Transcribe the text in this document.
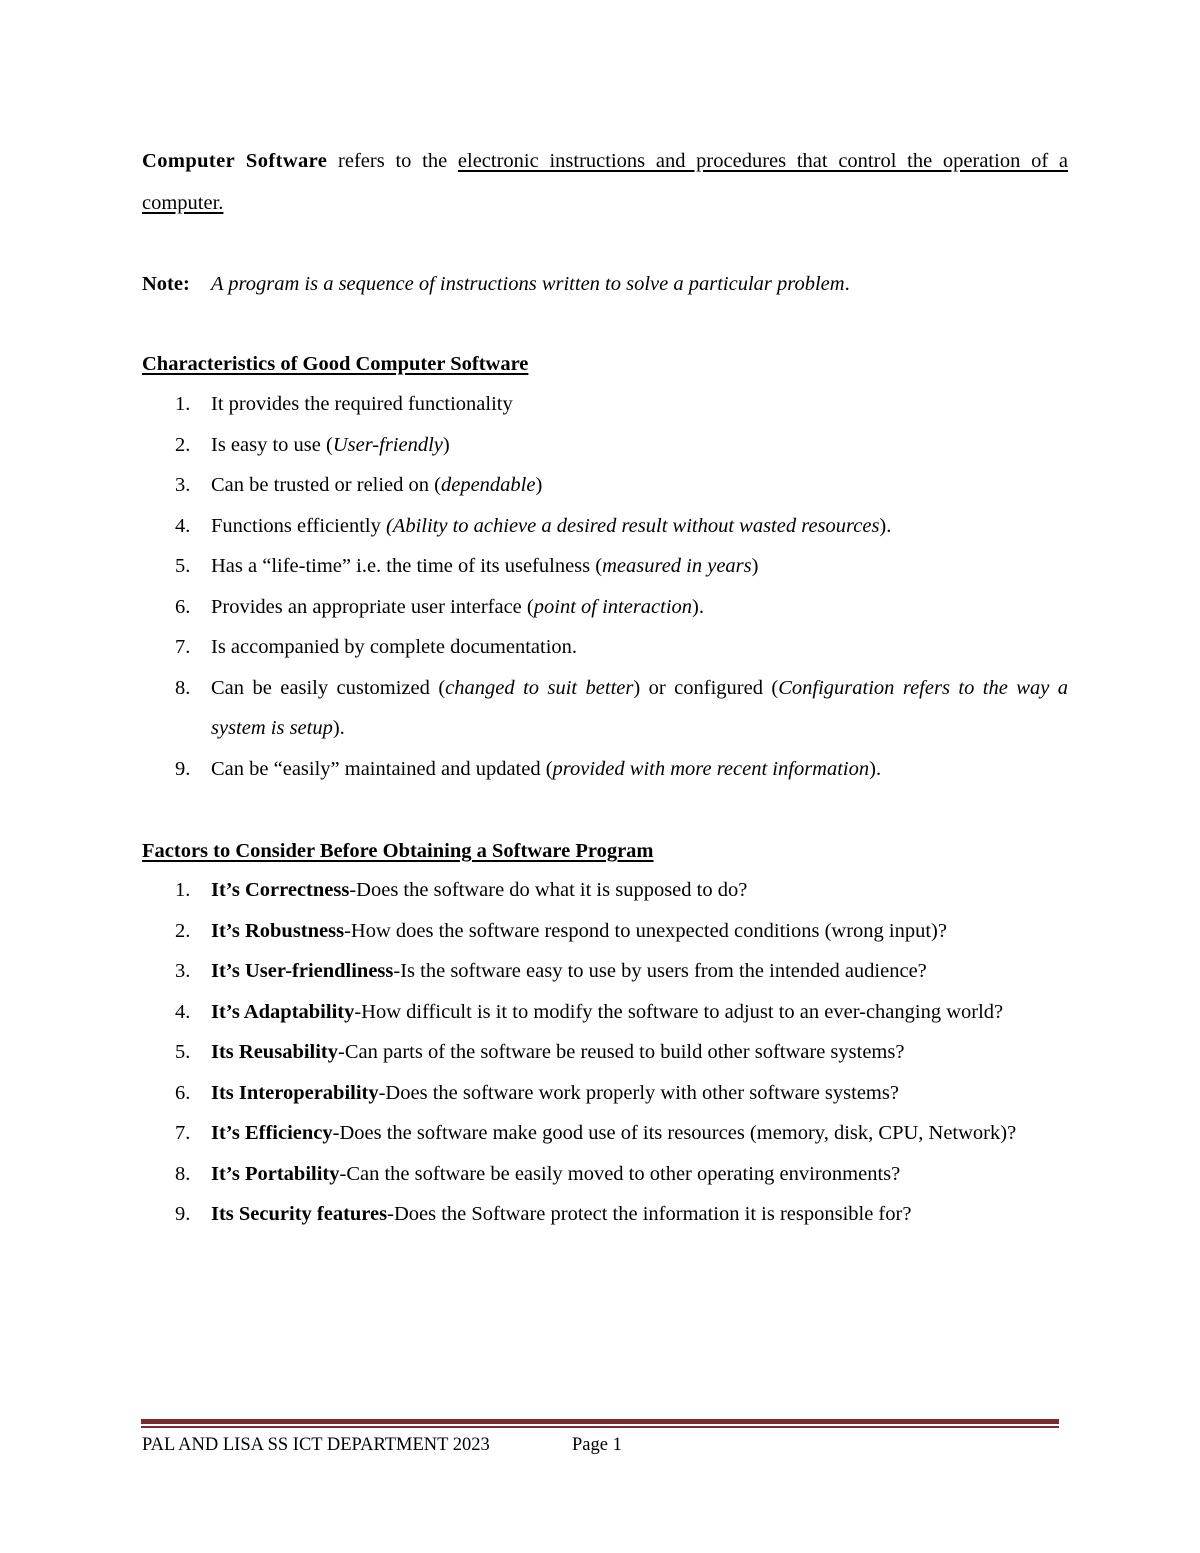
Computer Software refers to the electronic instructions and procedures that control the operation of a computer.
Note: A program is a sequence of instructions written to solve a particular problem.
Characteristics of Good Computer Software
1. It provides the required functionality
2. Is easy to use (User-friendly)
3. Can be trusted or relied on (dependable)
4. Functions efficiently (Ability to achieve a desired result without wasted resources).
5. Has a “life-time” i.e. the time of its usefulness (measured in years)
6. Provides an appropriate user interface (point of interaction).
7. Is accompanied by complete documentation.
8. Can be easily customized (changed to suit better) or configured (Configuration refers to the way a system is setup).
9. Can be “easily” maintained and updated (provided with more recent information).
Factors to Consider Before Obtaining a Software Program
1. It’s Correctness-Does the software do what it is supposed to do?
2. It’s Robustness-How does the software respond to unexpected conditions (wrong input)?
3. It’s User-friendliness-Is the software easy to use by users from the intended audience?
4. It’s Adaptability-How difficult is it to modify the software to adjust to an ever-changing world?
5. Its Reusability-Can parts of the software be reused to build other software systems?
6. Its Interoperability-Does the software work properly with other software systems?
7. It’s Efficiency-Does the software make good use of its resources (memory, disk, CPU, Network)?
8. It’s Portability-Can the software be easily moved to other operating environments?
9. Its Security features-Does the Software protect the information it is responsible for?
PAL AND LISA SS ICT DEPARTMENT 2023	Page 1
